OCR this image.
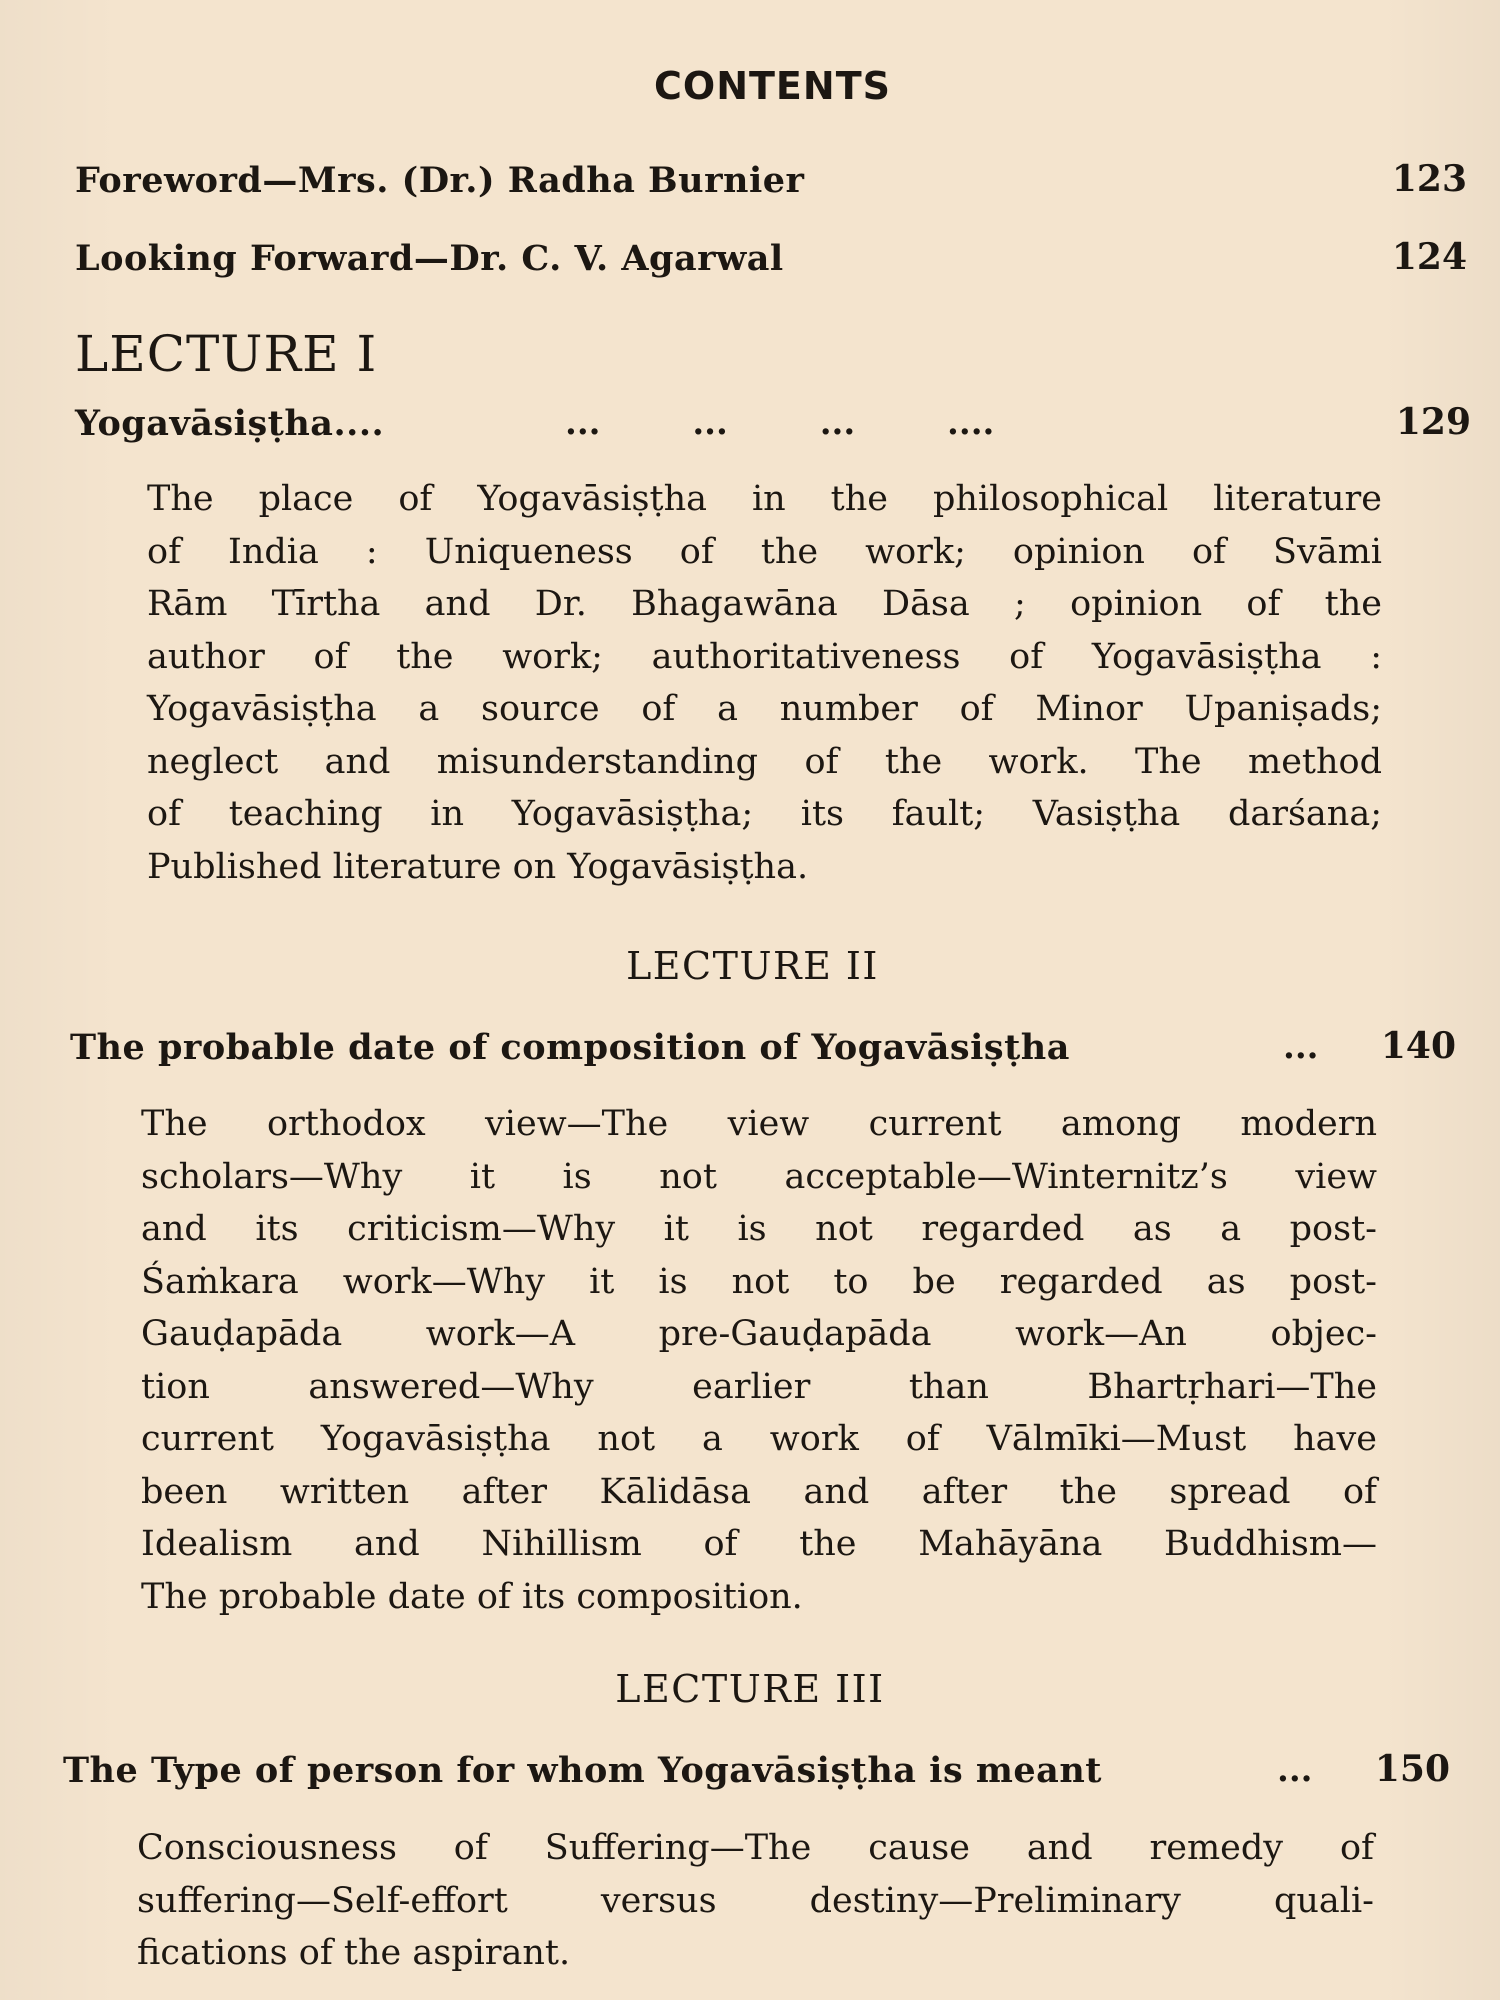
CONTENTS
Foreword—Mrs. (Dr.) Radha Burnier	123
Looking Forward—Dr. C. V. Agarwal	124
LECTURE I
Yogavāsiṣṭha....	... ... ... ....	129
The place of Yogavāsiṣṭha in the philosophical literature
of India : Uniqueness of the work; opinion of Svāmi
Rām Tīrtha and Dr. Bhagawāna Dāsa ; opinion of the
author of the work; authoritativeness of Yogavāsiṣṭha :
Yogavāsiṣṭha a source of a number of Minor Upaniṣads;
neglect and misunderstanding of the work. The method
of teaching in Yogavāsiṣṭha; its fault; Vasiṣṭha darśana;
Published literature on Yogavāsiṣṭha.
LECTURE II
The probable date of composition of Yogavāsiṣṭha	... 140
The orthodox view—The view current among modern
scholars—Why it is not acceptable—Winternitz’s view
and its criticism—Why it is not regarded as a post-
Śaṁkara work—Why it is not to be regarded as post-
Gauḍapāda work—A pre-Gauḍapāda work—An objec-
tion answered—Why earlier than Bhartṛhari—The
current Yogavāsiṣṭha not a work of Vālmīki—Must have
been written after Kālidāsa and after the spread of
Idealism and Nihillism of the Mahāyāna Buddhism—
The probable date of its composition.
LECTURE III
The Type of person for whom Yogavāsiṣṭha is meant	... 150
Consciousness of Suffering—The cause and remedy of
suffering—Self-effort versus destiny—Preliminary quali-
fications of the aspirant.
